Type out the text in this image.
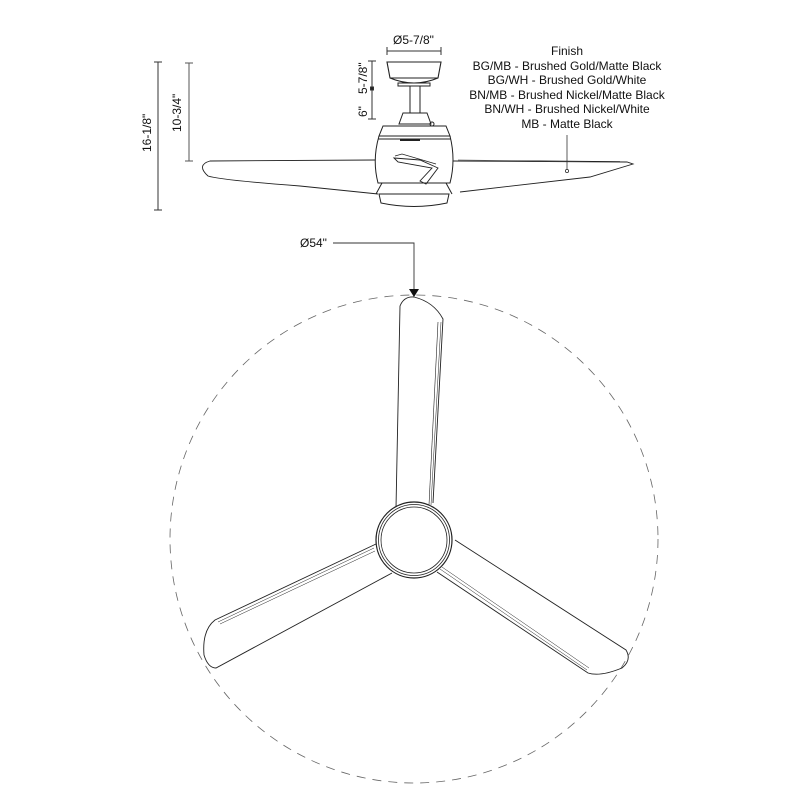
Ø5-7/8"
5-7/8"
6"
16-1/8"
10-3/4"
Ø54"
Finish
BG/MB - Brushed Gold/Matte Black
BG/WH - Brushed Gold/White
BN/MB - Brushed Nickel/Matte Black
BN/WH - Brushed Nickel/White
MB - Matte Black
